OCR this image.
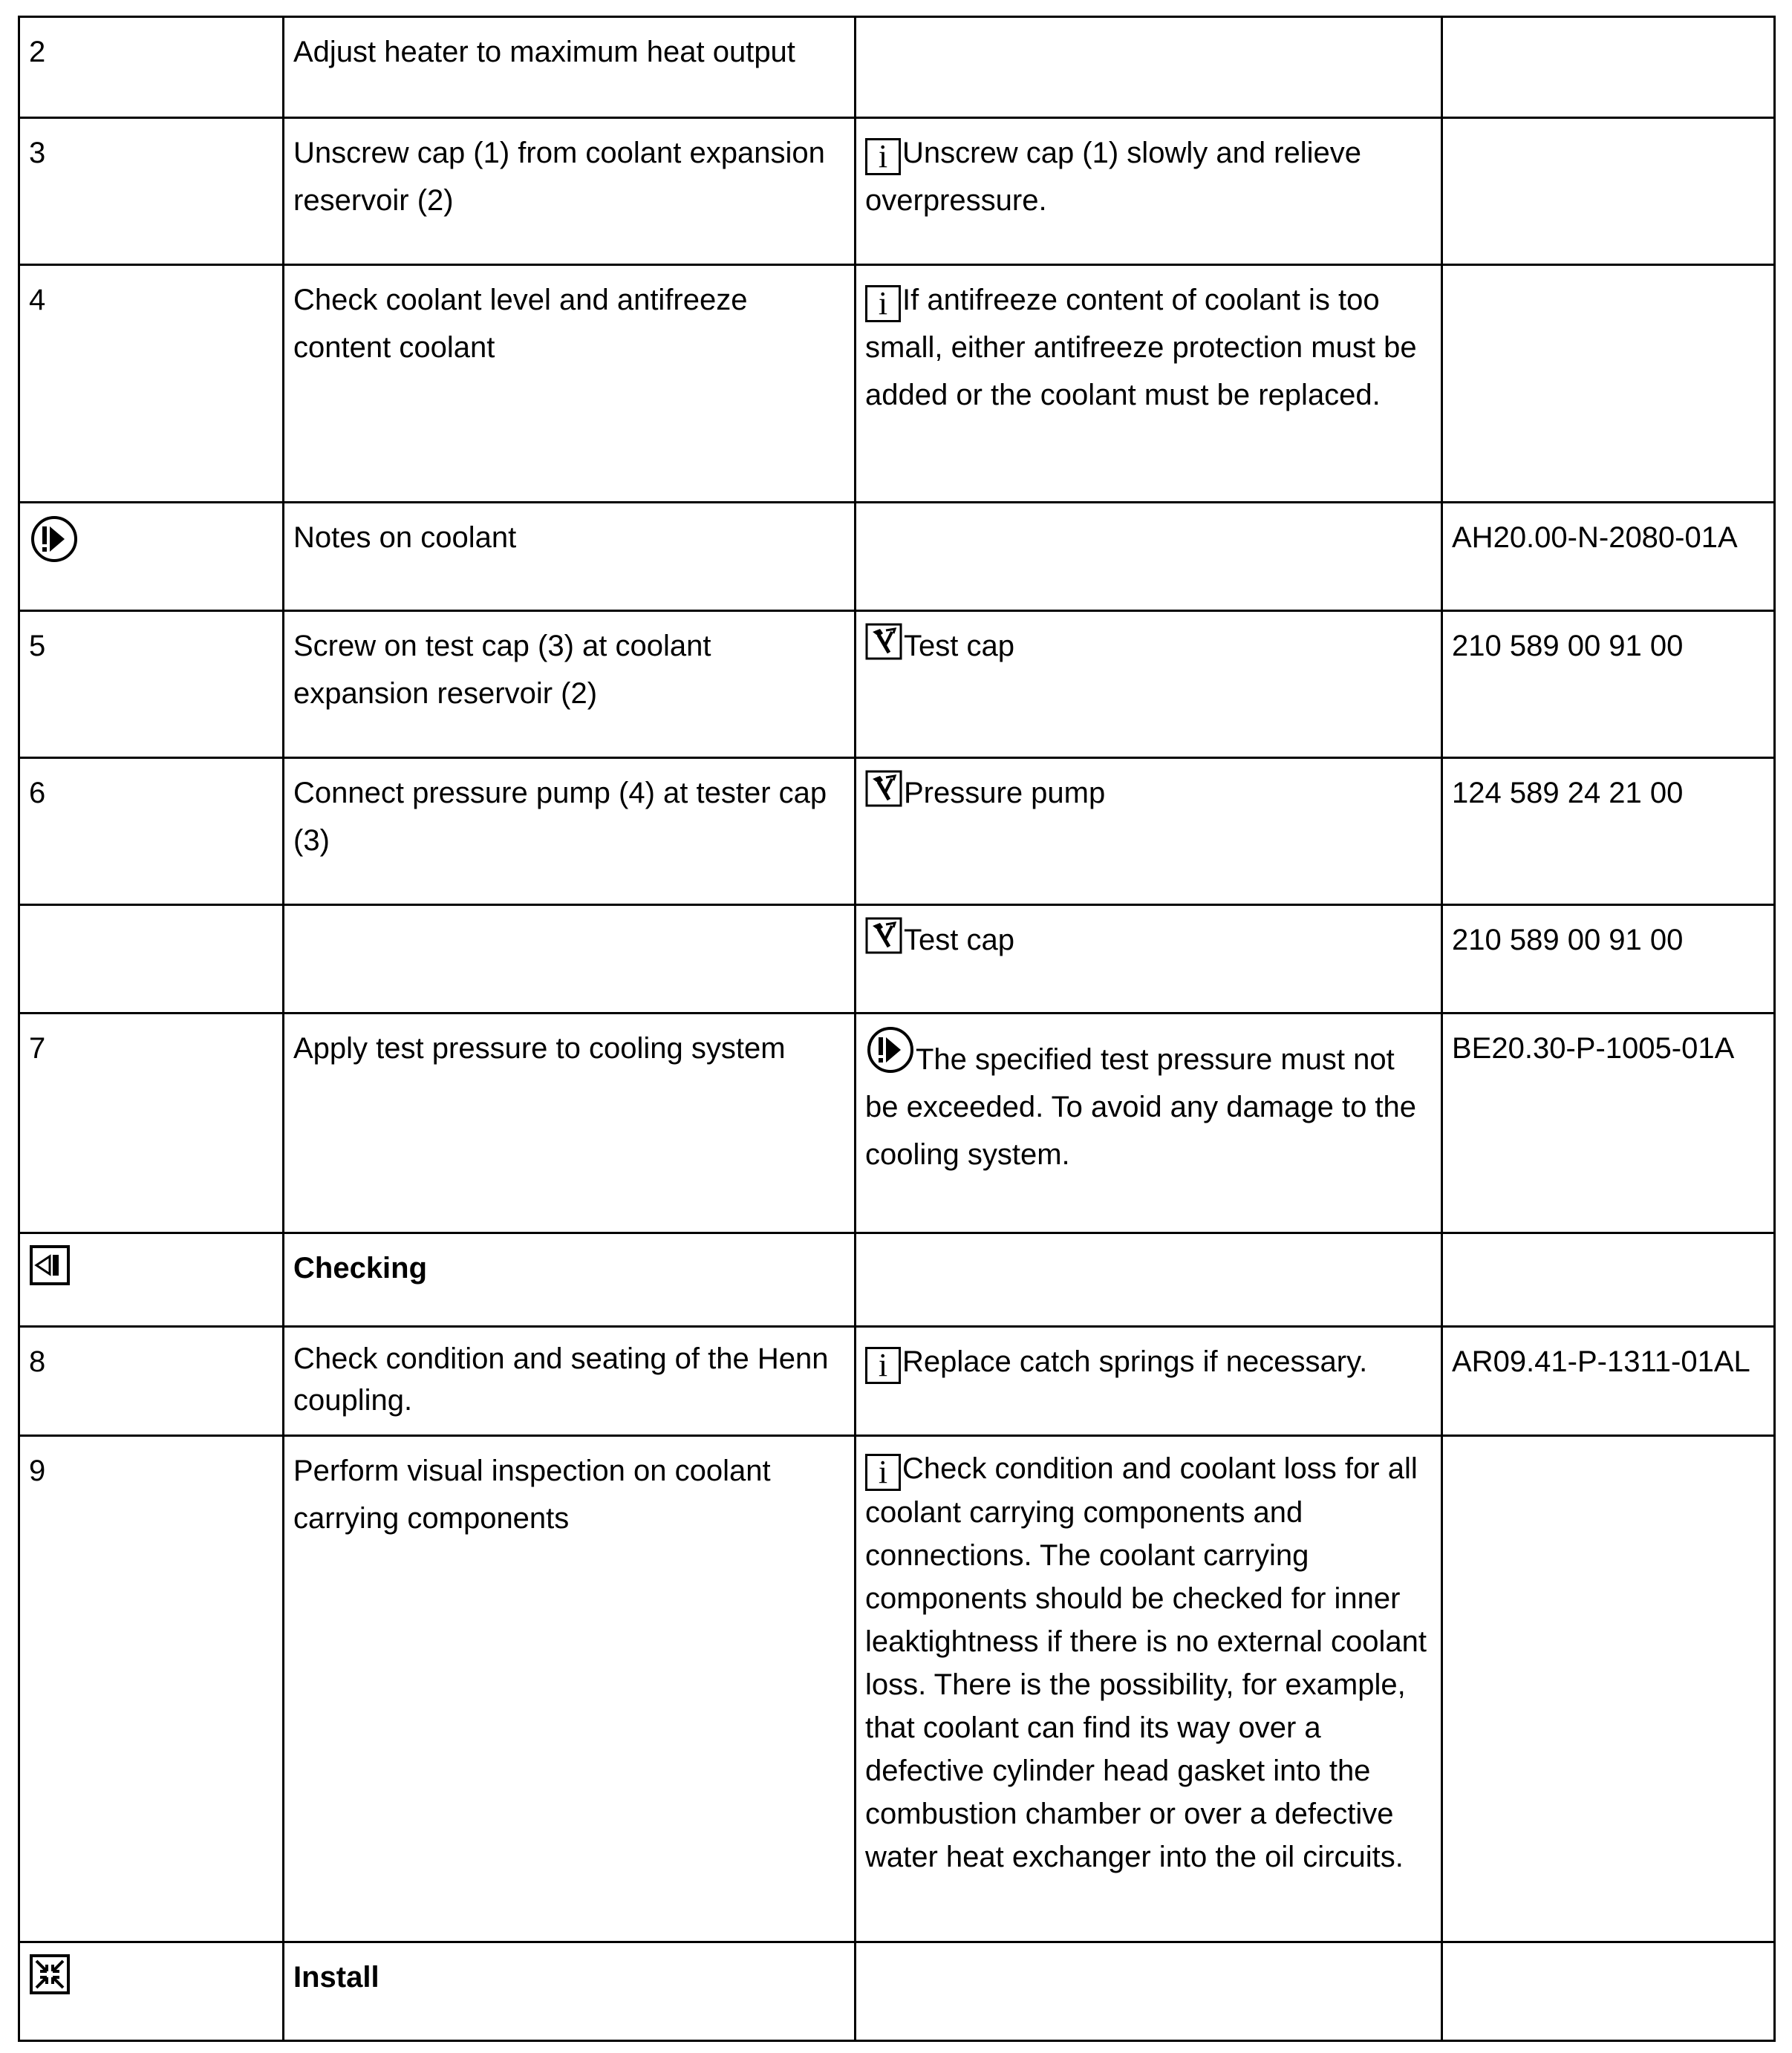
2	Adjust heater to maximum heat output		
3	Unscrew cap (1) from coolant expansion reservoir (2)	i Unscrew cap (1) slowly and relieve overpressure.	
4	Check coolant level and antifreeze content coolant	i If antifreeze content of coolant is too small, either antifreeze protection must be added or the coolant must be replaced.	
	Notes on coolant		AH20.00-N-2080-01A
5	Screw on test cap (3) at coolant expansion reservoir (2)	Test cap	210 589 00 91 00
6	Connect pressure pump (4) at tester cap (3)	Pressure pump	124 589 24 21 00
		Test cap	210 589 00 91 00
7	Apply test pressure to cooling system	The specified test pressure must not be exceeded. To avoid any damage to the cooling system.	BE20.30-P-1005-01A
	Checking		
8	Check condition and seating of the Henn coupling.	i Replace catch springs if necessary.	AR09.41-P-1311-01AL
9	Perform visual inspection on coolant carrying components	i Check condition and coolant loss for all coolant carrying components and connections. The coolant carrying components should be checked for inner leaktightness if there is no external coolant loss. There is the possibility, for example, that coolant can find its way over a defective cylinder head gasket into the combustion chamber or over a defective water heat exchanger into the oil circuits.	
	Install		
